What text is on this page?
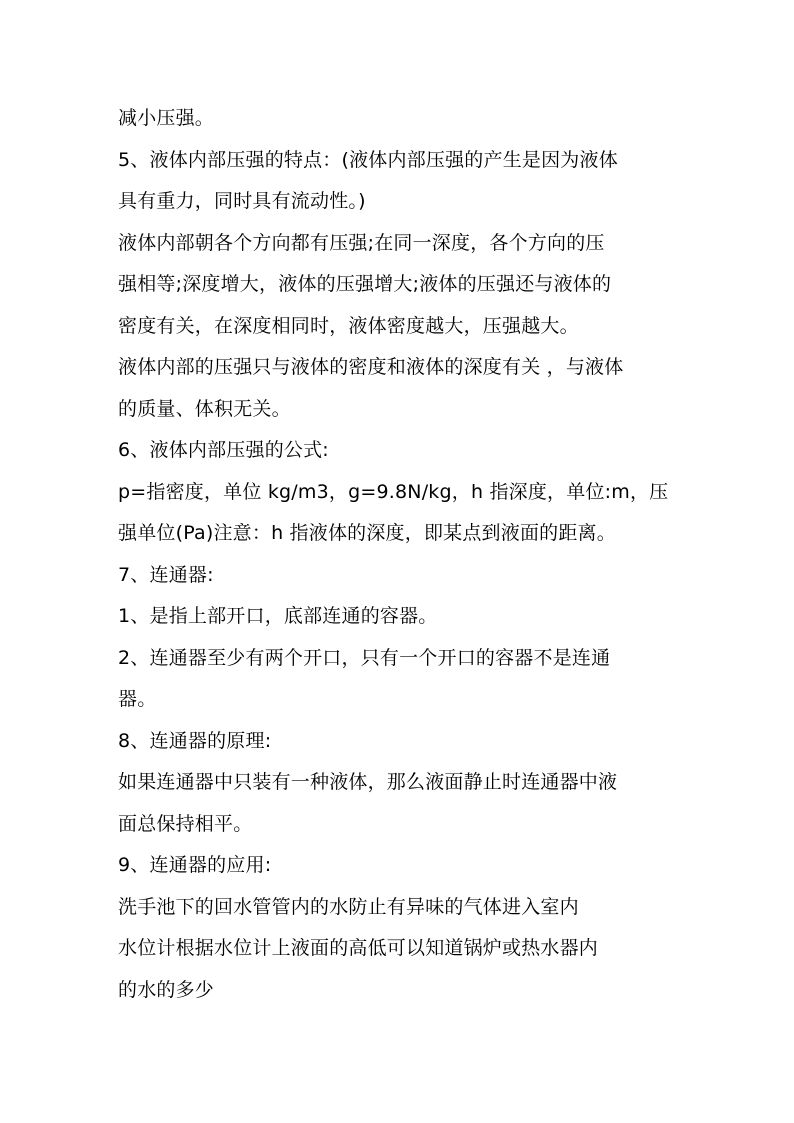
减小压强。
5、液体内部压强的特点：(液体内部压强的产生是因为液体
具有重力，同时具有流动性。)
液体内部朝各个方向都有压强;在同一深度，各个方向的压
强相等;深度增大，液体的压强增大;液体的压强还与液体的
密度有关，在深度相同时，液体密度越大，压强越大。
液体内部的压强只与液体的密度和液体的深度有关 ，与液体
的质量、体积无关。
6、液体内部压强的公式:
p=指密度，单位 kg/m3，g=9.8N/kg，h 指深度，单位:m，压
强单位(Pa)注意：h 指液体的深度，即某点到液面的距离。
7、连通器:
1、是指上部开口，底部连通的容器。
2、连通器至少有两个开口，只有一个开口的容器不是连通
器。
8、连通器的原理:
如果连通器中只装有一种液体，那么液面静止时连通器中液
面总保持相平。
9、连通器的应用:
洗手池下的回水管管内的水防止有异味的气体进入室内
水位计根据水位计上液面的高低可以知道锅炉或热水器内
的水的多少
